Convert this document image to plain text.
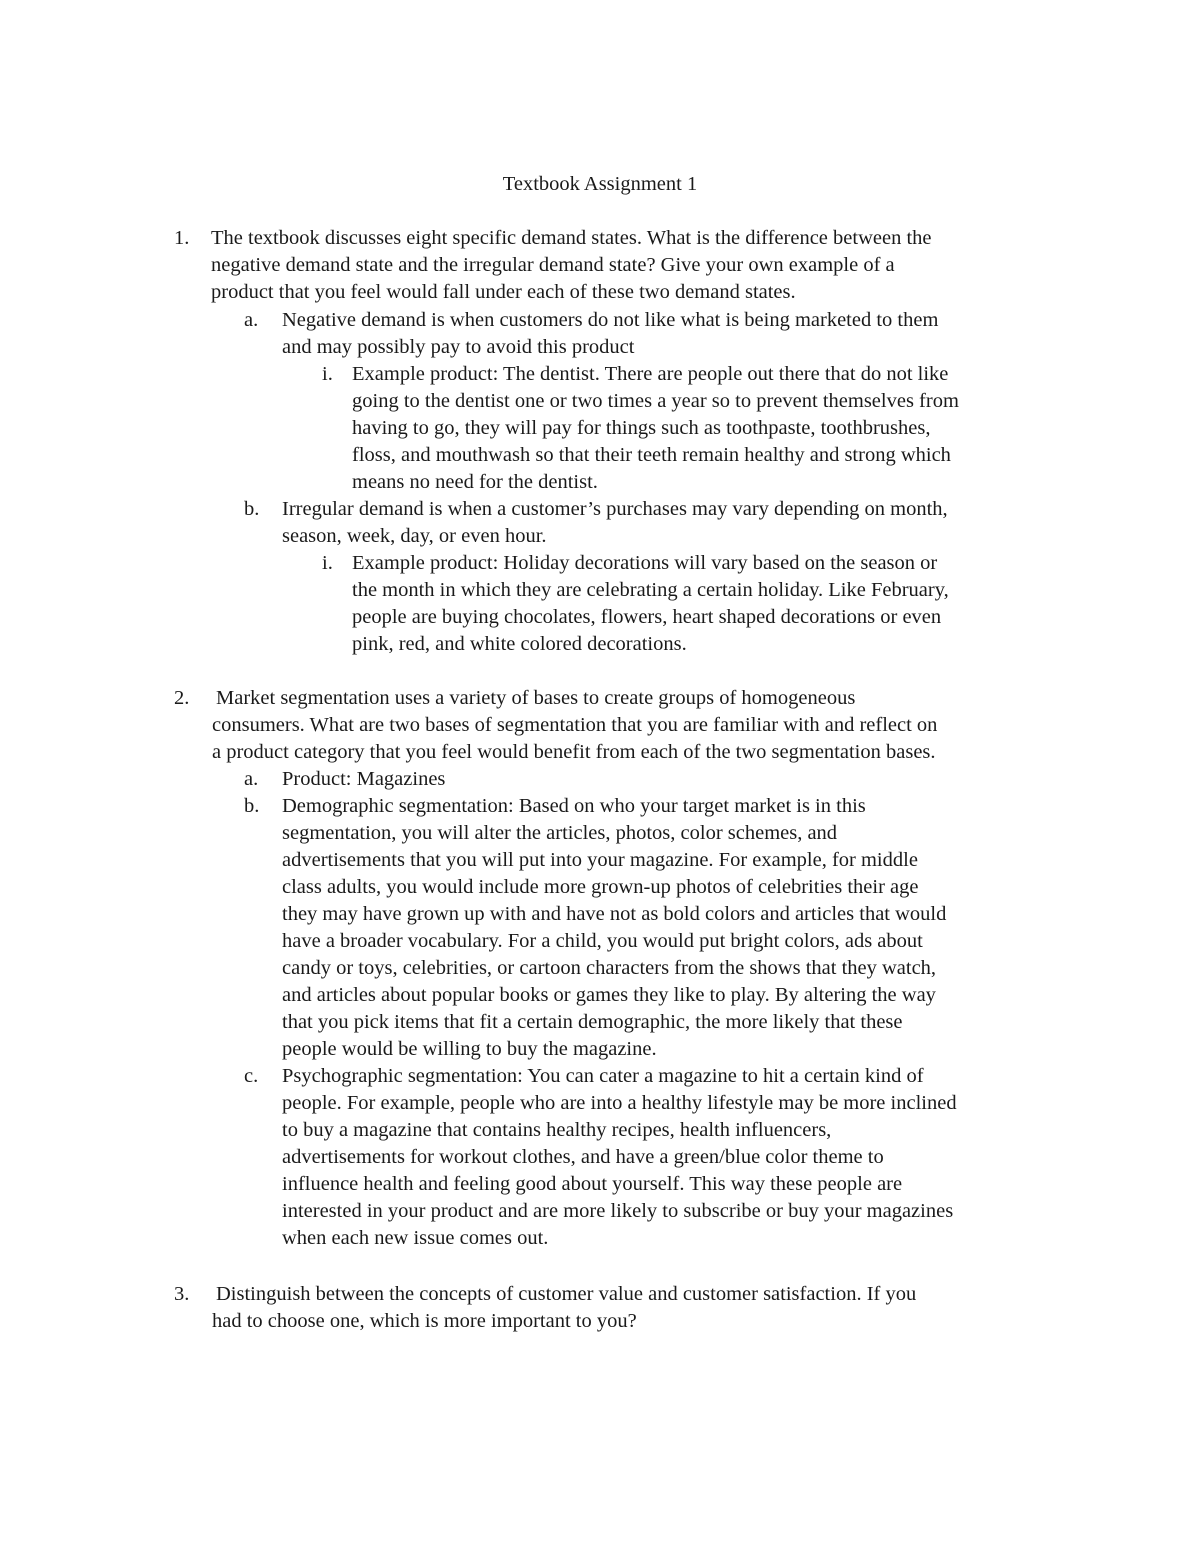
Textbook Assignment 1
1. The textbook discusses eight specific demand states. What is the difference between the
negative demand state and the irregular demand state? Give your own example of a
product that you feel would fall under each of these two demand states.
a. Negative demand is when customers do not like what is being marketed to them
and may possibly pay to avoid this product
i. Example product: The dentist. There are people out there that do not like
going to the dentist one or two times a year so to prevent themselves from
having to go, they will pay for things such as toothpaste, toothbrushes,
floss, and mouthwash so that their teeth remain healthy and strong which
means no need for the dentist.
b. Irregular demand is when a customer’s purchases may vary depending on month,
season, week, day, or even hour.
i. Example product: Holiday decorations will vary based on the season or
the month in which they are celebrating a certain holiday. Like February,
people are buying chocolates, flowers, heart shaped decorations or even
pink, red, and white colored decorations.
2. Market segmentation uses a variety of bases to create groups of homogeneous
consumers. What are two bases of segmentation that you are familiar with and reflect on
a product category that you feel would benefit from each of the two segmentation bases.
a. Product: Magazines
b. Demographic segmentation: Based on who your target market is in this
segmentation, you will alter the articles, photos, color schemes, and
advertisements that you will put into your magazine. For example, for middle
class adults, you would include more grown-up photos of celebrities their age
they may have grown up with and have not as bold colors and articles that would
have a broader vocabulary. For a child, you would put bright colors, ads about
candy or toys, celebrities, or cartoon characters from the shows that they watch,
and articles about popular books or games they like to play. By altering the way
that you pick items that fit a certain demographic, the more likely that these
people would be willing to buy the magazine.
c. Psychographic segmentation: You can cater a magazine to hit a certain kind of
people. For example, people who are into a healthy lifestyle may be more inclined
to buy a magazine that contains healthy recipes, health influencers,
advertisements for workout clothes, and have a green/blue color theme to
influence health and feeling good about yourself. This way these people are
interested in your product and are more likely to subscribe or buy your magazines
when each new issue comes out.
3. Distinguish between the concepts of customer value and customer satisfaction. If you
had to choose one, which is more important to you?
